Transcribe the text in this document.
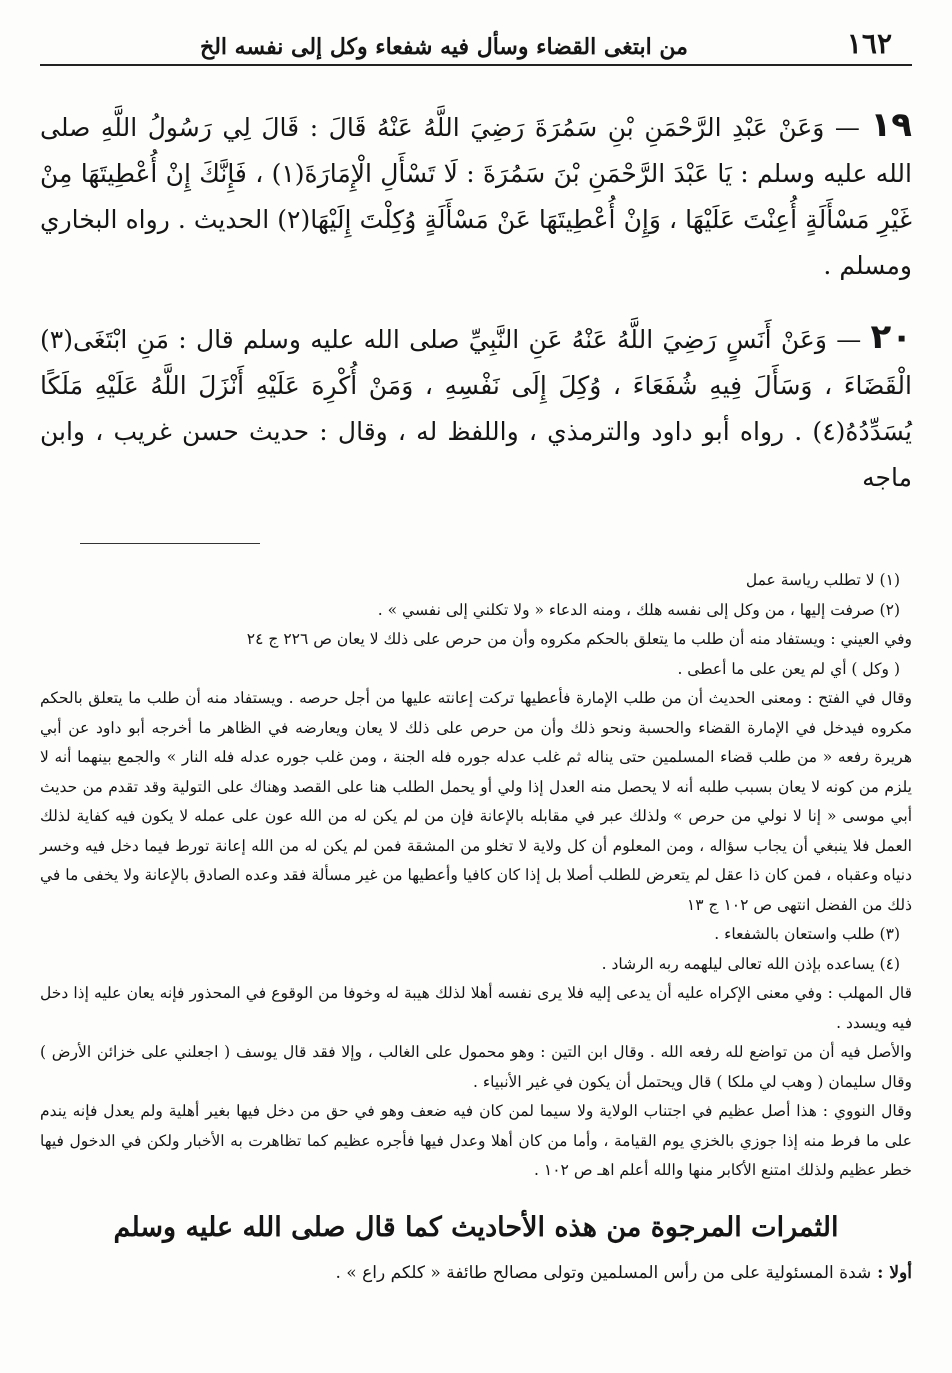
١٦٢
من ابتغى القضاء وسأل فيه شفعاء وكل إلى نفسه الخ

١٩ — وَعَنْ عَبْدِ الرَّحْمَنِ بْنِ سَمُرَةَ رَضِيَ اللَّهُ عَنْهُ قَالَ : قَالَ لِي رَسُولُ اللَّهِ صلى الله عليه وسلم : يَا عَبْدَ الرَّحْمَنِ بْنَ سَمُرَةَ : لَا تَسْأَلِ الْإِمَارَةَ(١) ، فَإِنَّكَ إِنْ أُعْطِيتَهَا مِنْ غَيْرِ مَسْأَلَةٍ أُعِنْتَ عَلَيْهَا ، وَإِنْ أُعْطِيتَهَا عَنْ مَسْأَلَةٍ وُكِلْتَ إِلَيْهَا(٢) الحديث . رواه البخاري ومسلم .

٢٠ — وَعَنْ أَنَسٍ رَضِيَ اللَّهُ عَنْهُ عَنِ النَّبِيِّ صلى الله عليه وسلم قال : مَنِ ابْتَغَى(٣) الْقَضَاءَ ، وَسَأَلَ فِيهِ شُفَعَاءَ ، وُكِلَ إِلَى نَفْسِهِ ، وَمَنْ أُكْرِهَ عَلَيْهِ أَنْزَلَ اللَّهُ عَلَيْهِ مَلَكًا يُسَدِّدُهُ(٤) . رواه أبو داود والترمذي ، واللفظ له ، وقال : حديث حسن غريب ، وابن ماجه

(١) لا تطلب رياسة عمل

(٢) صرفت إليها ، من وكل إلى نفسه هلك ، ومنه الدعاء « ولا تكلني إلى نفسي » .

وفي العيني : ويستفاد منه أن طلب ما يتعلق بالحكم مكروه وأن من حرص على ذلك لا يعان ص ٢٢٦ ج ٢٤

( وكل ) أي لم يعن على ما أعطى .

وقال في الفتح : ومعنى الحديث أن من طلب الإمارة فأعطيها تركت إعانته عليها من أجل حرصه . ويستفاد منه أن طلب ما يتعلق بالحكم مكروه فيدخل في الإمارة القضاء والحسبة ونحو ذلك وأن من حرص على ذلك لا يعان ويعارضه في الظاهر ما أخرجه أبو داود عن أبي هريرة رفعه « من طلب قضاء المسلمين حتى يناله ثم غلب عدله جوره فله الجنة ، ومن غلب جوره عدله فله النار » والجمع بينهما أنه لا يلزم من كونه لا يعان بسبب طلبه أنه لا يحصل منه العدل إذا ولي أو يحمل الطلب هنا على القصد وهناك على التولية وقد تقدم من حديث أبي موسى « إنا لا نولي من حرص » ولذلك عبر في مقابله بالإعانة فإن من لم يكن له من الله عون على عمله لا يكون فيه كفاية لذلك العمل فلا ينبغي أن يجاب سؤاله ، ومن المعلوم أن كل ولاية لا تخلو من المشقة فمن لم يكن له من الله إعانة تورط فيما دخل فيه وخسر دنياه وعقباه ، فمن كان ذا عقل لم يتعرض للطلب أصلا بل إذا كان كافيا وأعطيها من غير مسألة فقد وعده الصادق بالإعانة ولا يخفى ما في ذلك من الفضل انتهى ص ١٠٢ ج ١٣

(٣) طلب واستعان بالشفعاء .

(٤) يساعده بإذن الله تعالى ليلهمه ربه الرشاد .

قال المهلب : وفي معنى الإكراه عليه أن يدعى إليه فلا يرى نفسه أهلا لذلك هيبة له وخوفا من الوقوع في المحذور فإنه يعان عليه إذا دخل فيه ويسدد .

والأصل فيه أن من تواضع لله رفعه الله . وقال ابن التين : وهو محمول على الغالب ، وإلا فقد قال يوسف ( اجعلني على خزائن الأرض ) وقال سليمان ( وهب لي ملكا ) قال ويحتمل أن يكون في غير الأنبياء .

وقال النووي : هذا أصل عظيم في اجتناب الولاية ولا سيما لمن كان فيه ضعف وهو في حق من دخل فيها بغير أهلية ولم يعدل فإنه يندم على ما فرط منه إذا جوزي بالخزي يوم القيامة ، وأما من كان أهلا وعدل فيها فأجره عظيم كما تظاهرت به الأخبار ولكن في الدخول فيها خطر عظيم ولذلك امتنع الأكابر منها والله أعلم اهـ ص ١٠٢ .

الثمرات المرجوة من هذه الأحاديث كما قال صلى الله عليه وسلم

أولا : شدة المسئولية على من رأس المسلمين وتولى مصالح طائفة « كلكم راع » .
